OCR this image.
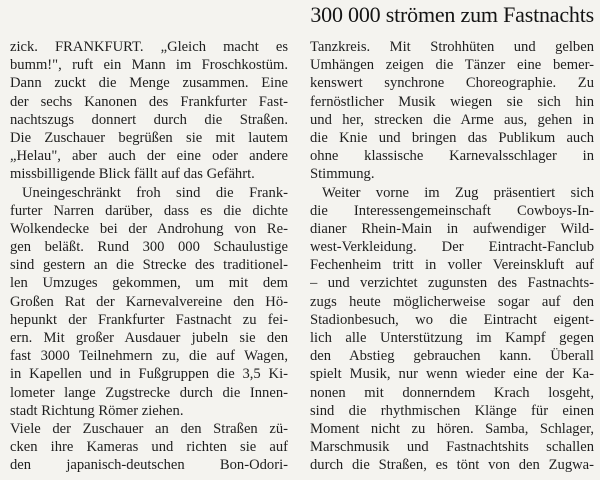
300 000 strömen zum Fastnachts
zick. FRANKFURT. „Gleich macht es
bumm!", ruft ein Mann im Froschkostüm.
Dann zuckt die Menge zusammen. Eine
der sechs Kanonen des Frankfurter Fast-
nachtszugs donnert durch die Straßen.
Die Zuschauer begrüßen sie mit lautem
„Helau", aber auch der eine oder andere
missbilligende Blick fällt auf das Gefährt.
Uneingeschränkt froh sind die Frank-
furter Narren darüber, dass es die dichte
Wolkendecke bei der Androhung von Re-
gen beläßt. Rund 300 000 Schaulustige
sind gestern an die Strecke des traditionel-
len Umzuges gekommen, um mit dem
Großen Rat der Karnevalvereine den Hö-
hepunkt der Frankfurter Fastnacht zu fei-
ern. Mit großer Ausdauer jubeln sie den
fast 3000 Teilnehmern zu, die auf Wagen,
in Kapellen und in Fußgruppen die 3,5 Ki-
lometer lange Zugstrecke durch die Innen-
stadt Richtung Römer ziehen.
Viele der Zuschauer an den Straßen zü-
cken ihre Kameras und richten sie auf
den japanisch-deutschen Bon-Odori-
Tanzkreis. Mit Strohhüten und gelben
Umhängen zeigen die Tänzer eine bemer-
kenswert synchrone Choreographie. Zu
fernöstlicher Musik wiegen sie sich hin
und her, strecken die Arme aus, gehen in
die Knie und bringen das Publikum auch
ohne klassische Karnevalsschlager in
Stimmung.
Weiter vorne im Zug präsentiert sich
die Interessengemeinschaft Cowboys-In-
dianer Rhein-Main in aufwendiger Wild-
west-Verkleidung. Der Eintracht-Fanclub
Fechenheim tritt in voller Vereinskluft auf
– und verzichtet zugunsten des Fastnachts-
zugs heute möglicherweise sogar auf den
Stadionbesuch, wo die Eintracht eigent-
lich alle Unterstützung im Kampf gegen
den Abstieg gebrauchen kann. Überall
spielt Musik, nur wenn wieder eine der Ka-
nonen mit donnerndem Krach losgeht,
sind die rhythmischen Klänge für einen
Moment nicht zu hören. Samba, Schlager,
Marschmusik und Fastnachtshits schallen
durch die Straßen, es tönt von den Zugwa-
